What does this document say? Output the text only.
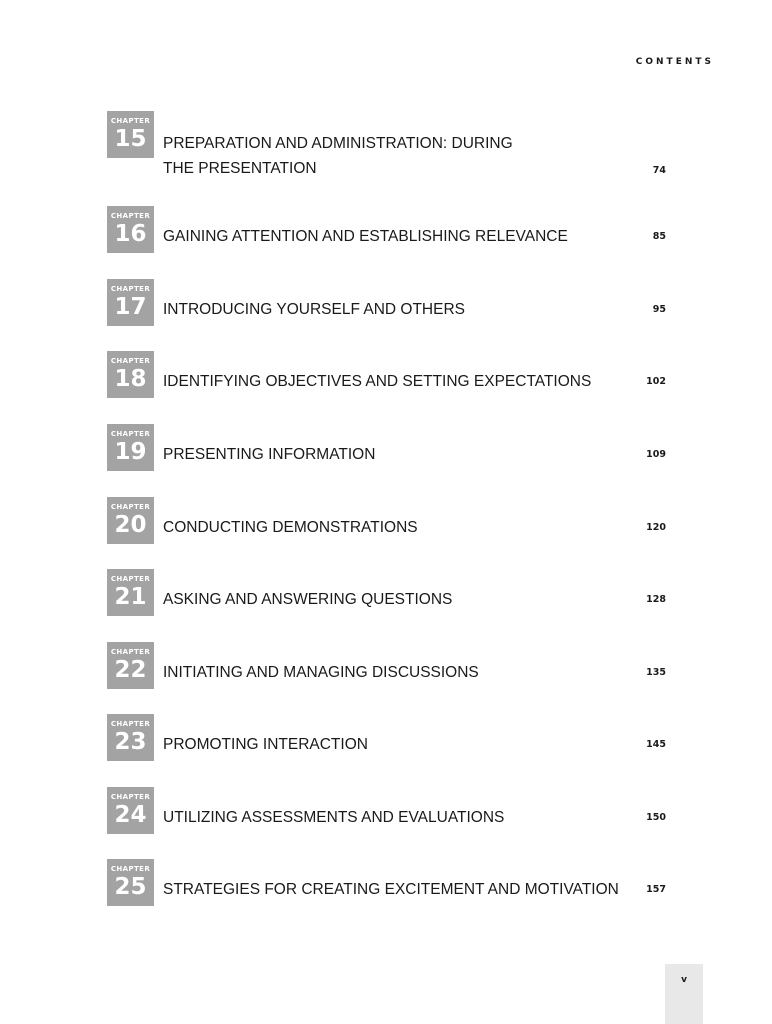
CONTENTS
CHAPTER
15	PREPARATION AND ADMINISTRATION: DURING THE PRESENTATION	74
CHAPTER
16	GAINING ATTENTION AND ESTABLISHING RELEVANCE	85
CHAPTER
17	INTRODUCING YOURSELF AND OTHERS	95
CHAPTER
18	IDENTIFYING OBJECTIVES AND SETTING EXPECTATIONS	102
CHAPTER
19	PRESENTING INFORMATION	109
CHAPTER
20	CONDUCTING DEMONSTRATIONS	120
CHAPTER
21	ASKING AND ANSWERING QUESTIONS	128
CHAPTER
22	INITIATING AND MANAGING DISCUSSIONS	135
CHAPTER
23	PROMOTING INTERACTION	145
CHAPTER
24	UTILIZING ASSESSMENTS AND EVALUATIONS	150
CHAPTER
25	STRATEGIES FOR CREATING EXCITEMENT AND MOTIVATION	157
v
